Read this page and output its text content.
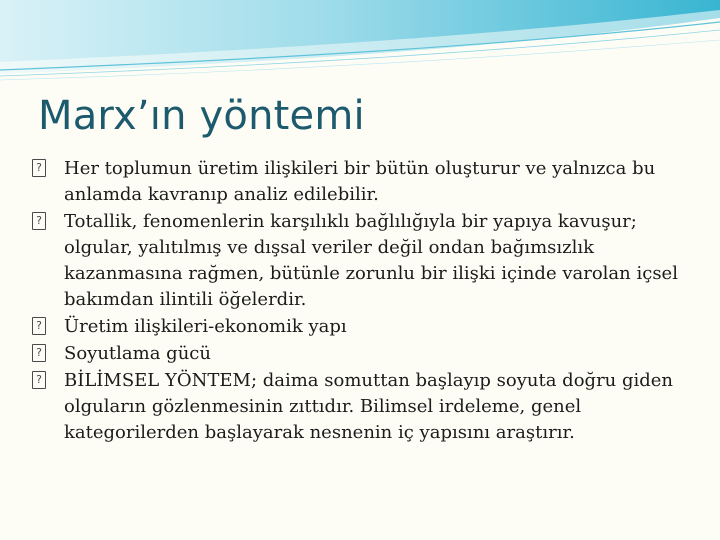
Marx’ın yöntemi
?
Her toplumun üretim ilişkileri bir bütün oluşturur ve yalnızca bu anlamda kavranıp analiz edilebilir.
?
Totallik, fenomenlerin karşılıklı bağlılığıyla bir yapıya kavuşur; olgular, yalıtılmış ve dışsal veriler değil ondan bağımsızlık kazanmasına rağmen, bütünle zorunlu bir ilişki içinde varolan içsel bakımdan ilintili öğelerdir.
?
Üretim ilişkileri-ekonomik yapı
?
Soyutlama gücü
?
BİLİMSEL YÖNTEM; daima somuttan başlayıp soyuta doğru giden olguların gözlenmesinin zıttıdır. Bilimsel irdeleme, genel kategorilerden başlayarak nesnenin iç yapısını araştırır.
